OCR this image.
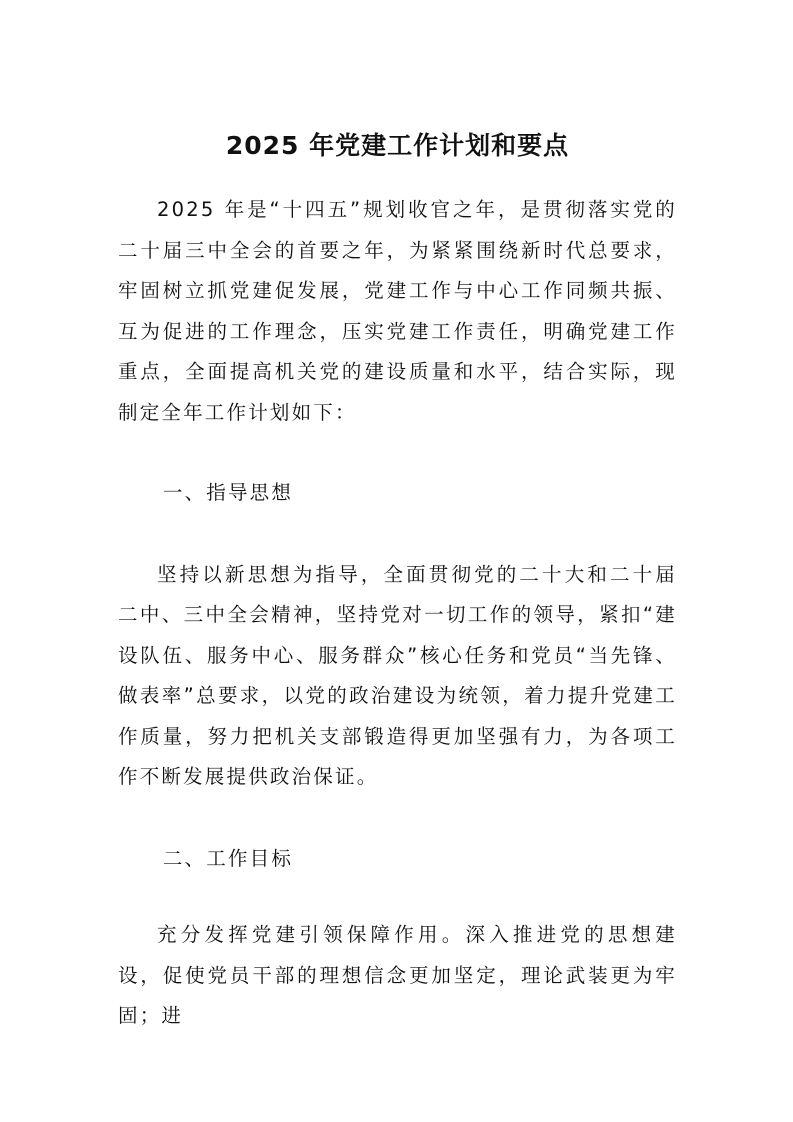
2025 年党建工作计划和要点

2025 年是“十四五”规划收官之年，是贯彻落实党的二十届三中全会的首要之年，为紧紧围绕新时代总要求，牢固树立抓党建促发展，党建工作与中心工作同频共振、互为促进的工作理念，压实党建工作责任，明确党建工作重点，全面提高机关党的建设质量和水平，结合实际，现制定全年工作计划如下：

一、指导思想

坚持以新思想为指导，全面贯彻党的二十大和二十届二中、三中全会精神，坚持党对一切工作的领导，紧扣“建设队伍、服务中心、服务群众”核心任务和党员“当先锋、做表率”总要求，以党的政治建设为统领，着力提升党建工作质量，努力把机关支部锻造得更加坚强有力，为各项工作不断发展提供政治保证。

二、工作目标

充分发挥党建引领保障作用。深入推进党的思想建设，促使党员干部的理想信念更加坚定，理论武装更为牢固；进
